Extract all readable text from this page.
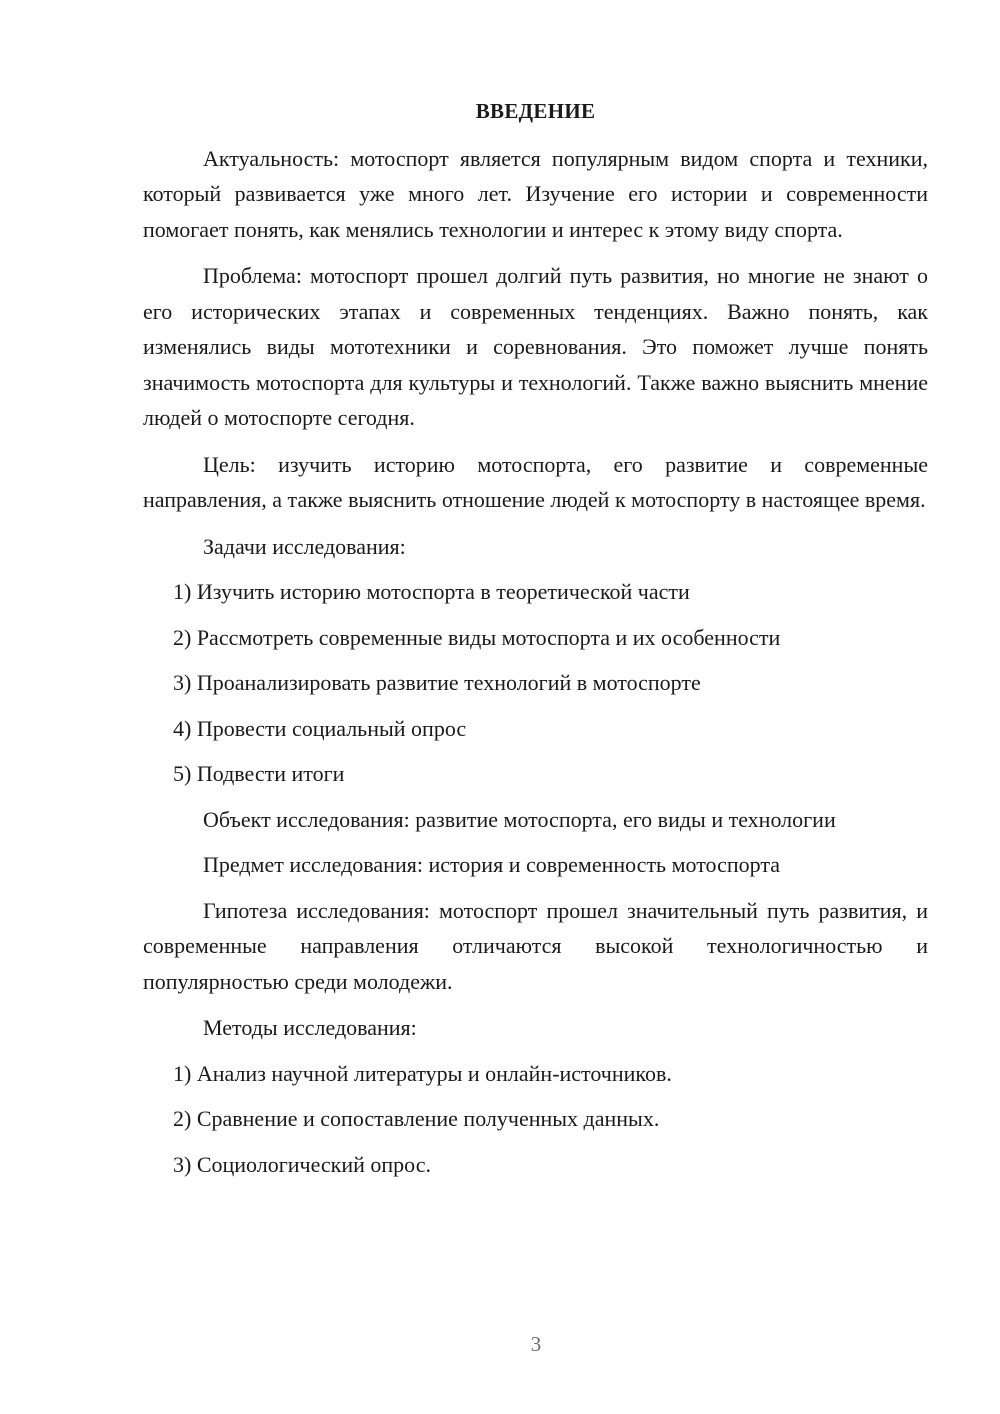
ВВЕДЕНИЕ

Актуальность: мотоспорт является популярным видом спорта и техники, который развивается уже много лет. Изучение его истории и современности помогает понять, как менялись технологии и интерес к этому виду спорта.

Проблема: мотоспорт прошел долгий путь развития, но многие не знают о его исторических этапах и современных тенденциях. Важно понять, как изменялись виды мототехники и соревнования. Это поможет лучше понять значимость мотоспорта для культуры и технологий. Также важно выяснить мнение людей о мотоспорте сегодня.

Цель: изучить историю мотоспорта, его развитие и современные направления, а также выяснить отношение людей к мотоспорту в настоящее время.

Задачи исследования:
1) Изучить историю мотоспорта в теоретической части
2) Рассмотреть современные виды мотоспорта и их особенности
3) Проанализировать развитие технологий в мотоспорте
4) Провести социальный опрос
5) Подвести итоги
Объект исследования: развитие мотоспорта, его виды и технологии
Предмет исследования: история и современность мотоспорта

Гипотеза исследования: мотоспорт прошел значительный путь развития, и современные направления отличаются высокой технологичностью и популярностью среди молодежи.

Методы исследования:
1) Анализ научной литературы и онлайн-источников.
2) Сравнение и сопоставление полученных данных.
3) Социологический опрос.
3
